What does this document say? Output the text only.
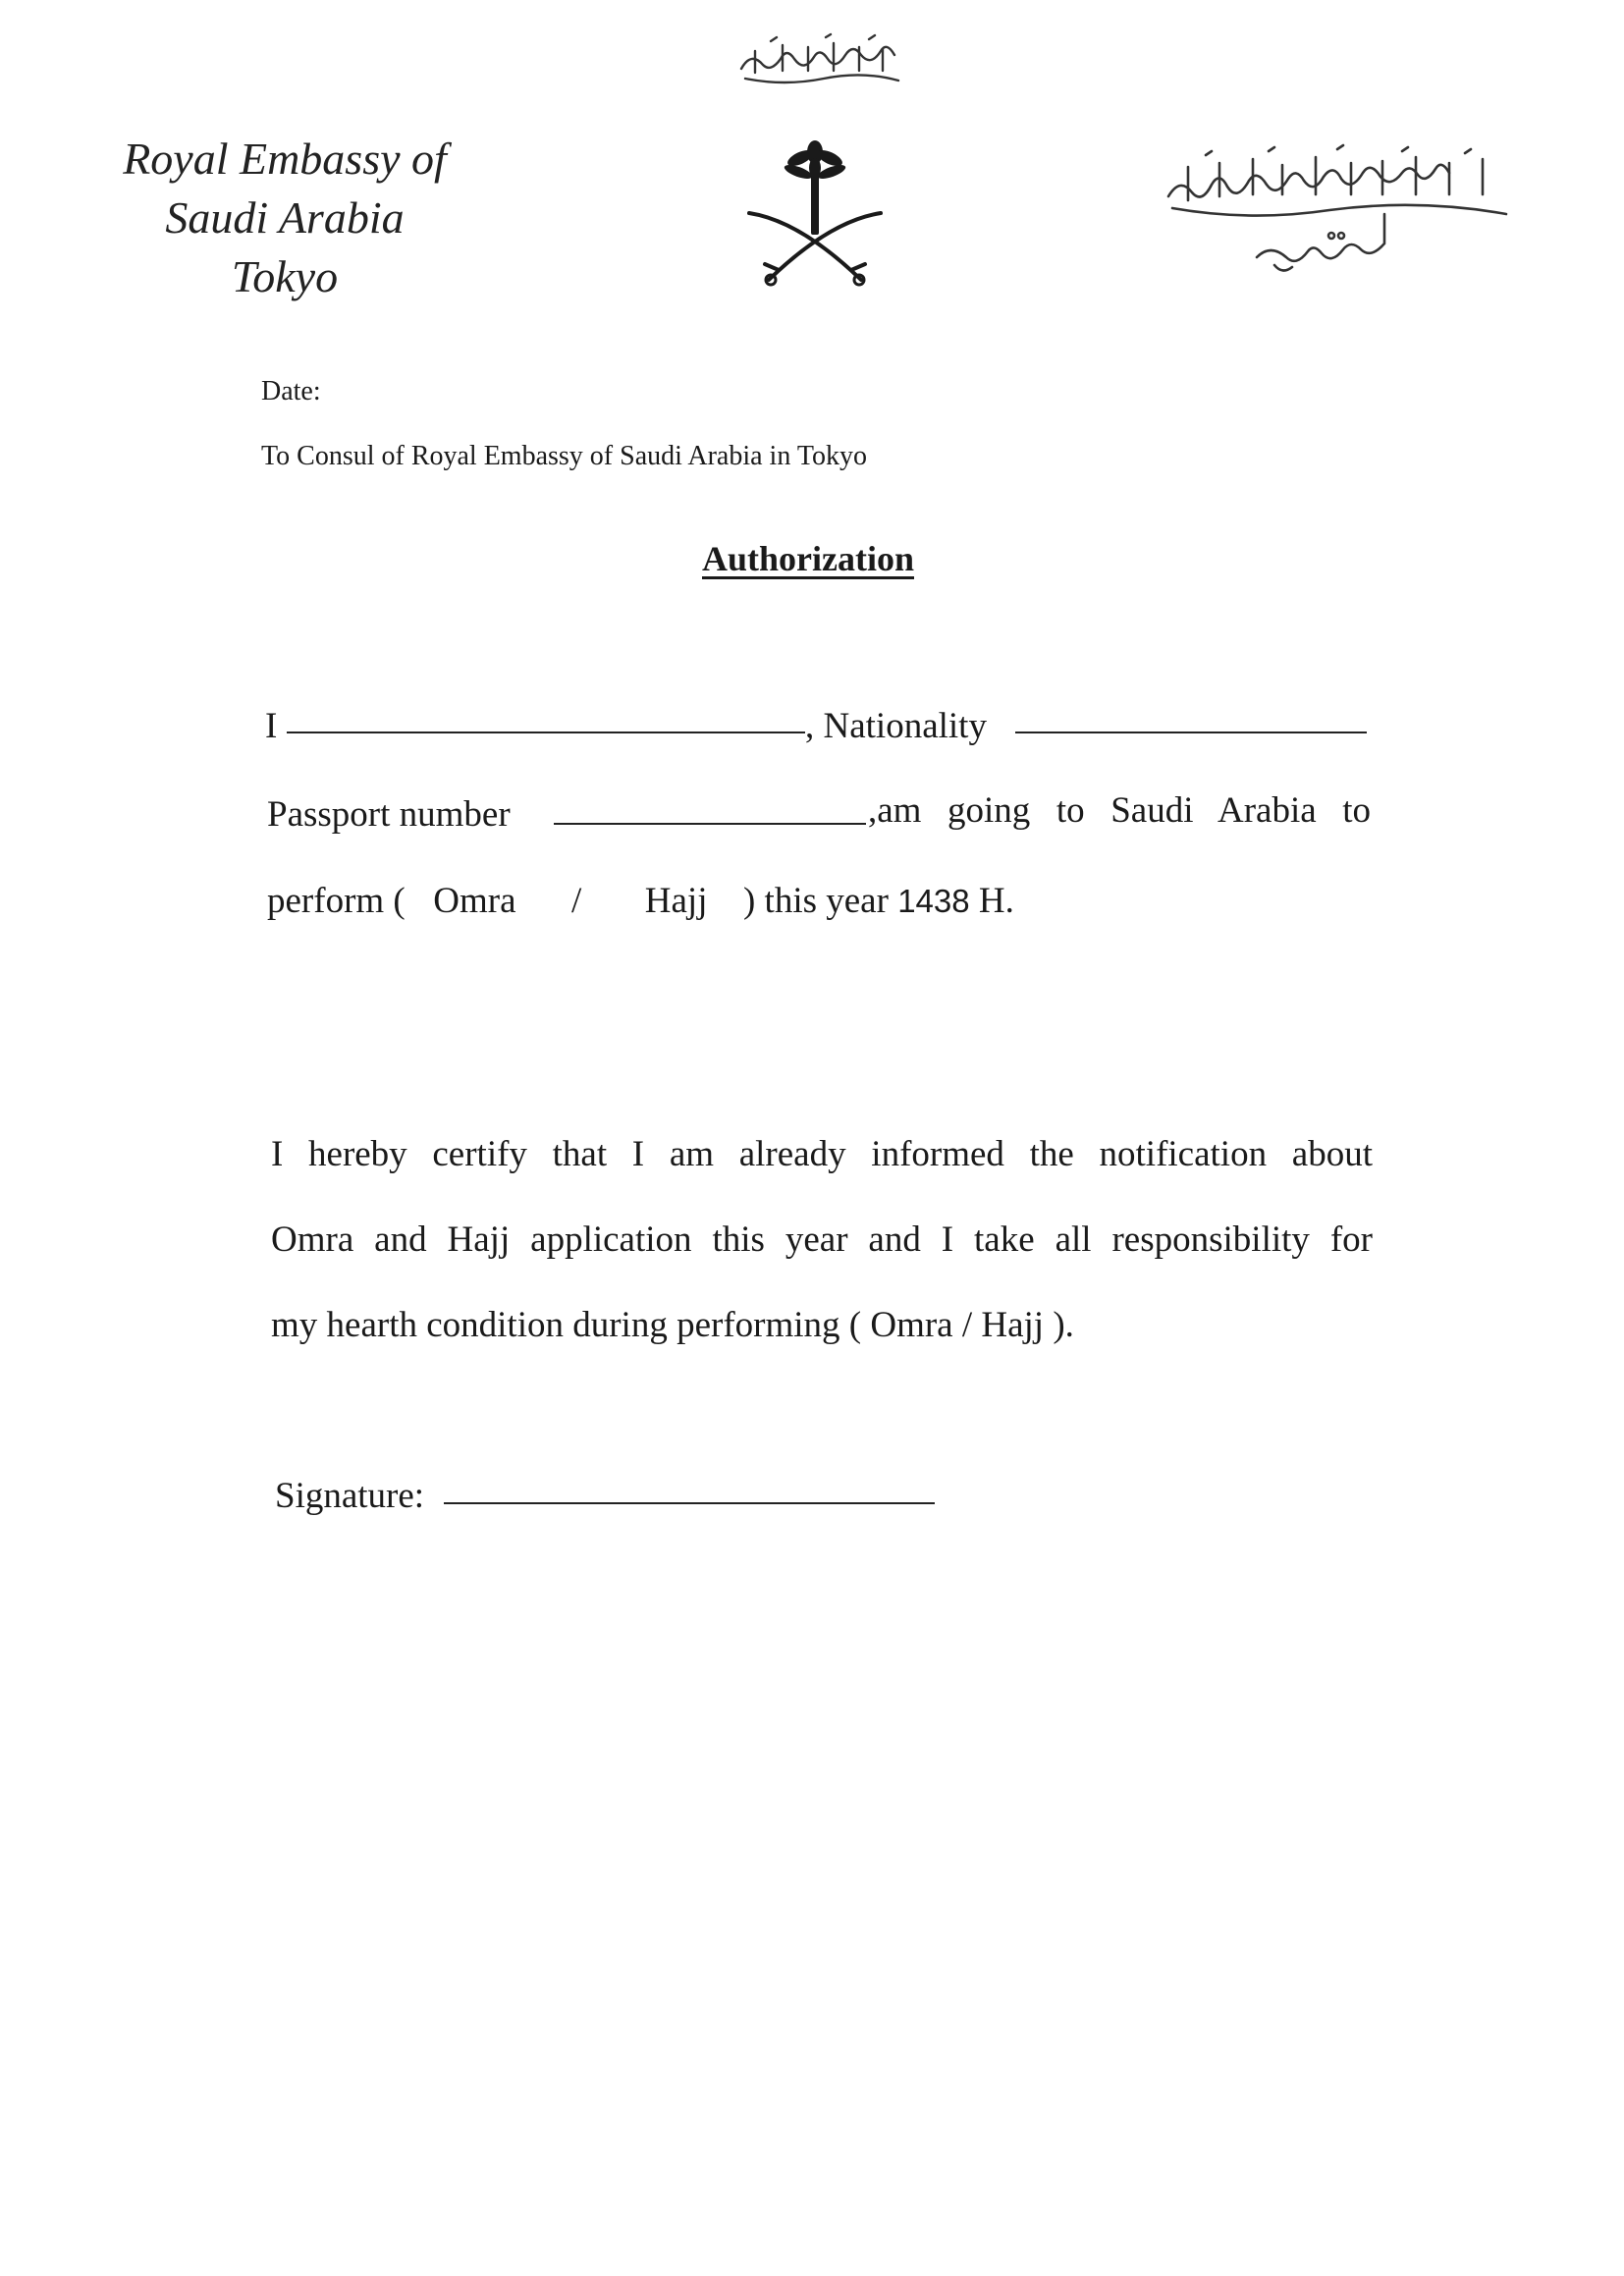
Royal Embassy of
Saudi Arabia
Tokyo
Date:
To Consul of Royal Embassy of Saudi Arabia in Tokyo
Authorization
I	, Nationality
Passport number	,am going to Saudi Arabia to
perform ( Omra / Hajj ) this year 1438 H.
I hereby certify that I am already informed the notification about
Omra and Hajj application this year and I take all responsibility for
my hearth condition during performing ( Omra / Hajj ).
Signature:
